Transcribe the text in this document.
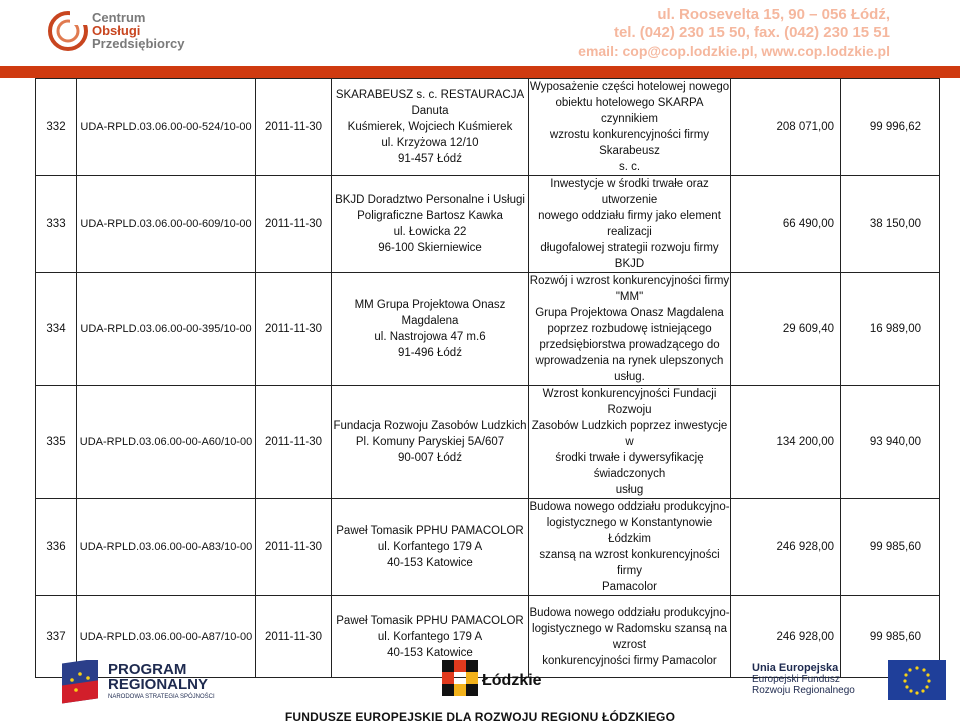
Centrum
Obsługi
Przedsiębiorcy
ul. Roosevelta 15, 90 – 056 Łódź,
tel. (042) 230 15 50, fax. (042) 230 15 51
email: cop@cop.lodzkie.pl, www.cop.lodzkie.pl
332	UDA-RPLD.03.06.00-00-524/10-00	2011-11-30	SKARABEUSZ s. c. RESTAURACJA Danuta
Kuśmierek, Wojciech Kuśmierek
ul. Krzyżowa 12/10
91-457 Łódź	Wyposażenie części hotelowej nowego
obiektu hotelowego SKARPA czynnikiem
wzrostu konkurencyjności firmy Skarabeusz
s. c.	208 071,00	99 996,62
333	UDA-RPLD.03.06.00-00-609/10-00	2011-11-30	BKJD Doradztwo Personalne i Usługi
Poligraficzne Bartosz Kawka
ul. Łowicka 22
96-100 Skierniewice	Inwestycje w środki trwałe oraz utworzenie
nowego oddziału firmy jako element realizacji
długofalowej strategii rozwoju firmy BKJD	66 490,00	38 150,00
334	UDA-RPLD.03.06.00-00-395/10-00	2011-11-30	MM Grupa Projektowa Onasz Magdalena
ul. Nastrojowa 47 m.6
91-496 Łódź	Rozwój i wzrost konkurencyjności firmy "MM"
Grupa Projektowa Onasz Magdalena
poprzez rozbudowę istniejącego
przedsiębiorstwa prowadzącego do
wprowadzenia na rynek ulepszonych usług.	29 609,40	16 989,00
335	UDA-RPLD.03.06.00-00-A60/10-00	2011-11-30	Fundacja Rozwoju Zasobów Ludzkich
Pl. Komuny Paryskiej 5A/607
90-007 Łódź	Wzrost konkurencyjności Fundacji Rozwoju
Zasobów Ludzkich poprzez inwestycje w
środki trwałe i dywersyfikację świadczonych
usług	134 200,00	93 940,00
336	UDA-RPLD.03.06.00-00-A83/10-00	2011-11-30	Paweł Tomasik PPHU PAMACOLOR
ul. Korfantego 179 A
40-153 Katowice	Budowa nowego oddziału produkcyjno-
logistycznego w Konstantynowie Łódzkim
szansą na wzrost konkurencyjności firmy
Pamacolor	246 928,00	99 985,60
337	UDA-RPLD.03.06.00-00-A87/10-00	2011-11-30	Paweł Tomasik PPHU PAMACOLOR
ul. Korfantego 179 A
40-153 Katowice	Budowa nowego oddziału produkcyjno-
logistycznego w Radomsku szansą na wzrost
konkurencyjności firmy Pamacolor	246 928,00	99 985,60
PROGRAM
REGIONALNY
NARODOWA STRATEGIA SPÓJNOŚCI
Łódzkie
Unia Europejska
Europejski Fundusz
Rozwoju Regionalnego
FUNDUSZE EUROPEJSKIE DLA ROZWOJU REGIONU ŁÓDZKIEGO
